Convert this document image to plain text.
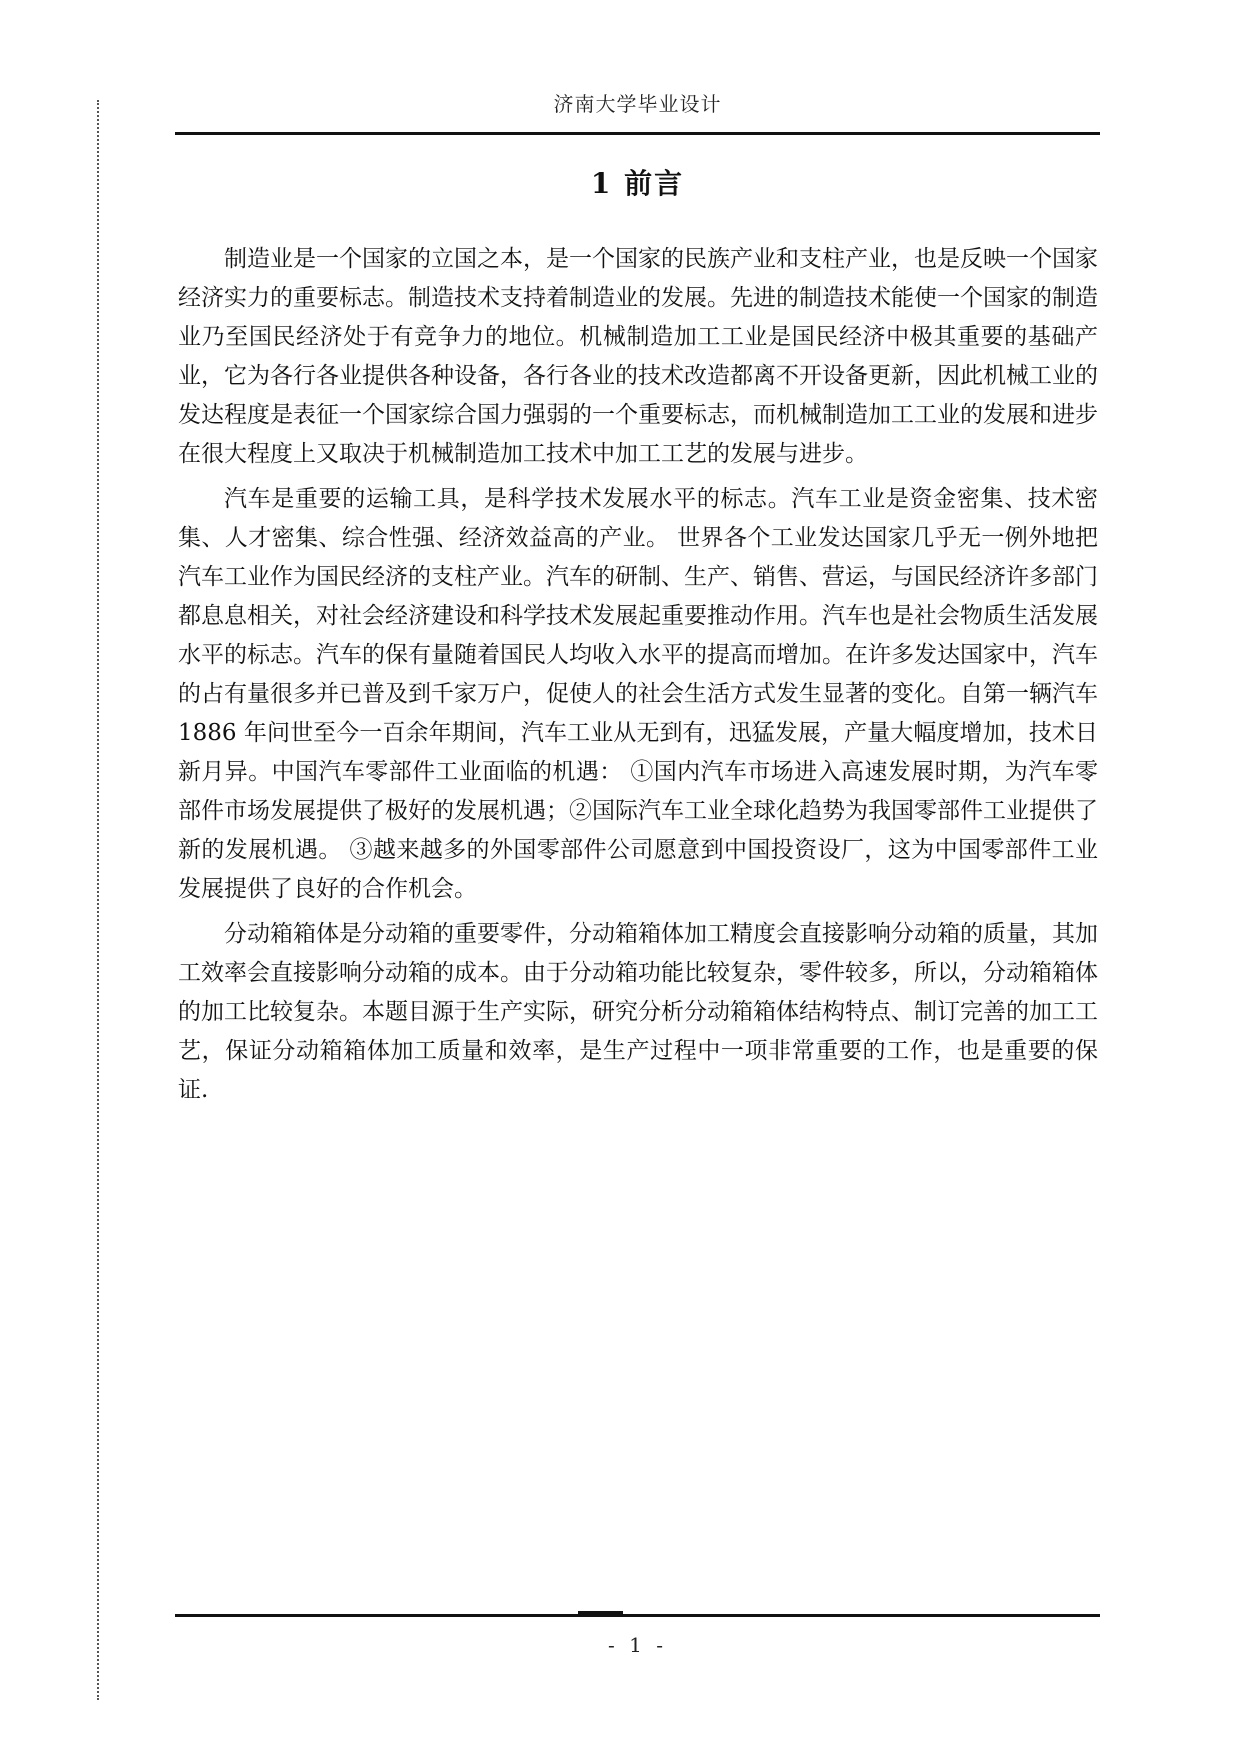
济南大学毕业设计
1 前言

制造业是一个国家的立国之本，是一个国家的民族产业和支柱产业，也是反映一个国家经济实力的重要标志。制造技术支持着制造业的发展。先进的制造技术能使一个国家的制造业乃至国民经济处于有竞争力的地位。机械制造加工工业是国民经济中极其重要的基础产业，它为各行各业提供各种设备，各行各业的技术改造都离不开设备更新，因此机械工业的发达程度是表征一个国家综合国力强弱的一个重要标志，而机械制造加工工业的发展和进步在很大程度上又取决于机械制造加工技术中加工工艺的发展与进步。

汽车是重要的运输工具，是科学技术发展水平的标志。汽车工业是资金密集、技术密集、人才密集、综合性强、经济效益高的产业。 世界各个工业发达国家几乎无一例外地把汽车工业作为国民经济的支柱产业。汽车的研制、生产、销售、营运，与国民经济许多部门都息息相关，对社会经济建设和科学技术发展起重要推动作用。汽车也是社会物质生活发展水平的标志。汽车的保有量随着国民人均收入水平的提高而增加。在许多发达国家中，汽车的占有量很多并已普及到千家万户，促使人的社会生活方式发生显著的变化。自第一辆汽车 1886 年问世至今一百余年期间，汽车工业从无到有，迅猛发展，产量大幅度增加，技术日新月异。中国汽车零部件工业面临的机遇： ①国内汽车市场进入高速发展时期，为汽车零部件市场发展提供了极好的发展机遇；②国际汽车工业全球化趋势为我国零部件工业提供了新的发展机遇。 ③越来越多的外国零部件公司愿意到中国投资设厂，这为中国零部件工业发展提供了良好的合作机会。

分动箱箱体是分动箱的重要零件，分动箱箱体加工精度会直接影响分动箱的质量，其加工效率会直接影响分动箱的成本。由于分动箱功能比较复杂，零件较多，所以，分动箱箱体的加工比较复杂。本题目源于生产实际，研究分析分动箱箱体结构特点、制订完善的加工工艺，保证分动箱箱体加工质量和效率，是生产过程中一项非常重要的工作，也是重要的保证.

- 1 -
